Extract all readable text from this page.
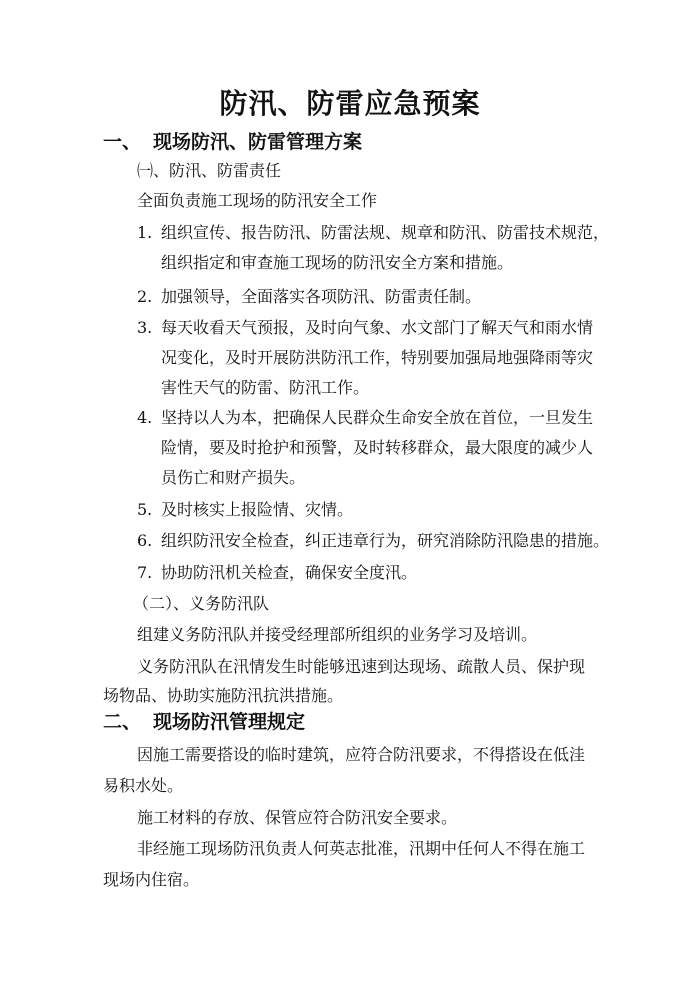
防汛、防雷应急预案
一、 现场防汛、防雷管理方案
㈠、防汛、防雷责任
全面负责施工现场的防汛安全工作
1. 组织宣传、报告防汛、防雷法规、规章和防汛、防雷技术规范，
组织指定和审查施工现场的防汛安全方案和措施。
2. 加强领导，全面落实各项防汛、防雷责任制。
3. 每天收看天气预报，及时向气象、水文部门了解天气和雨水情
况变化，及时开展防洪防汛工作，特别要加强局地强降雨等灾
害性天气的防雷、防汛工作。
4. 坚持以人为本，把确保人民群众生命安全放在首位，一旦发生
险情，要及时抢护和预警，及时转移群众，最大限度的减少人
员伤亡和财产损失。
5. 及时核实上报险情、灾情。
6. 组织防汛安全检查，纠正违章行为，研究消除防汛隐患的措施。
7. 协助防汛机关检查，确保安全度汛。
（二）、义务防汛队
组建义务防汛队并接受经理部所组织的业务学习及培训。
义务防汛队在汛情发生时能够迅速到达现场、疏散人员、保护现
场物品、协助实施防汛抗洪措施。
二、 现场防汛管理规定
因施工需要搭设的临时建筑，应符合防汛要求，不得搭设在低洼
易积水处。
施工材料的存放、保管应符合防汛安全要求。
非经施工现场防汛负责人何英志批准，汛期中任何人不得在施工
现场内住宿。
